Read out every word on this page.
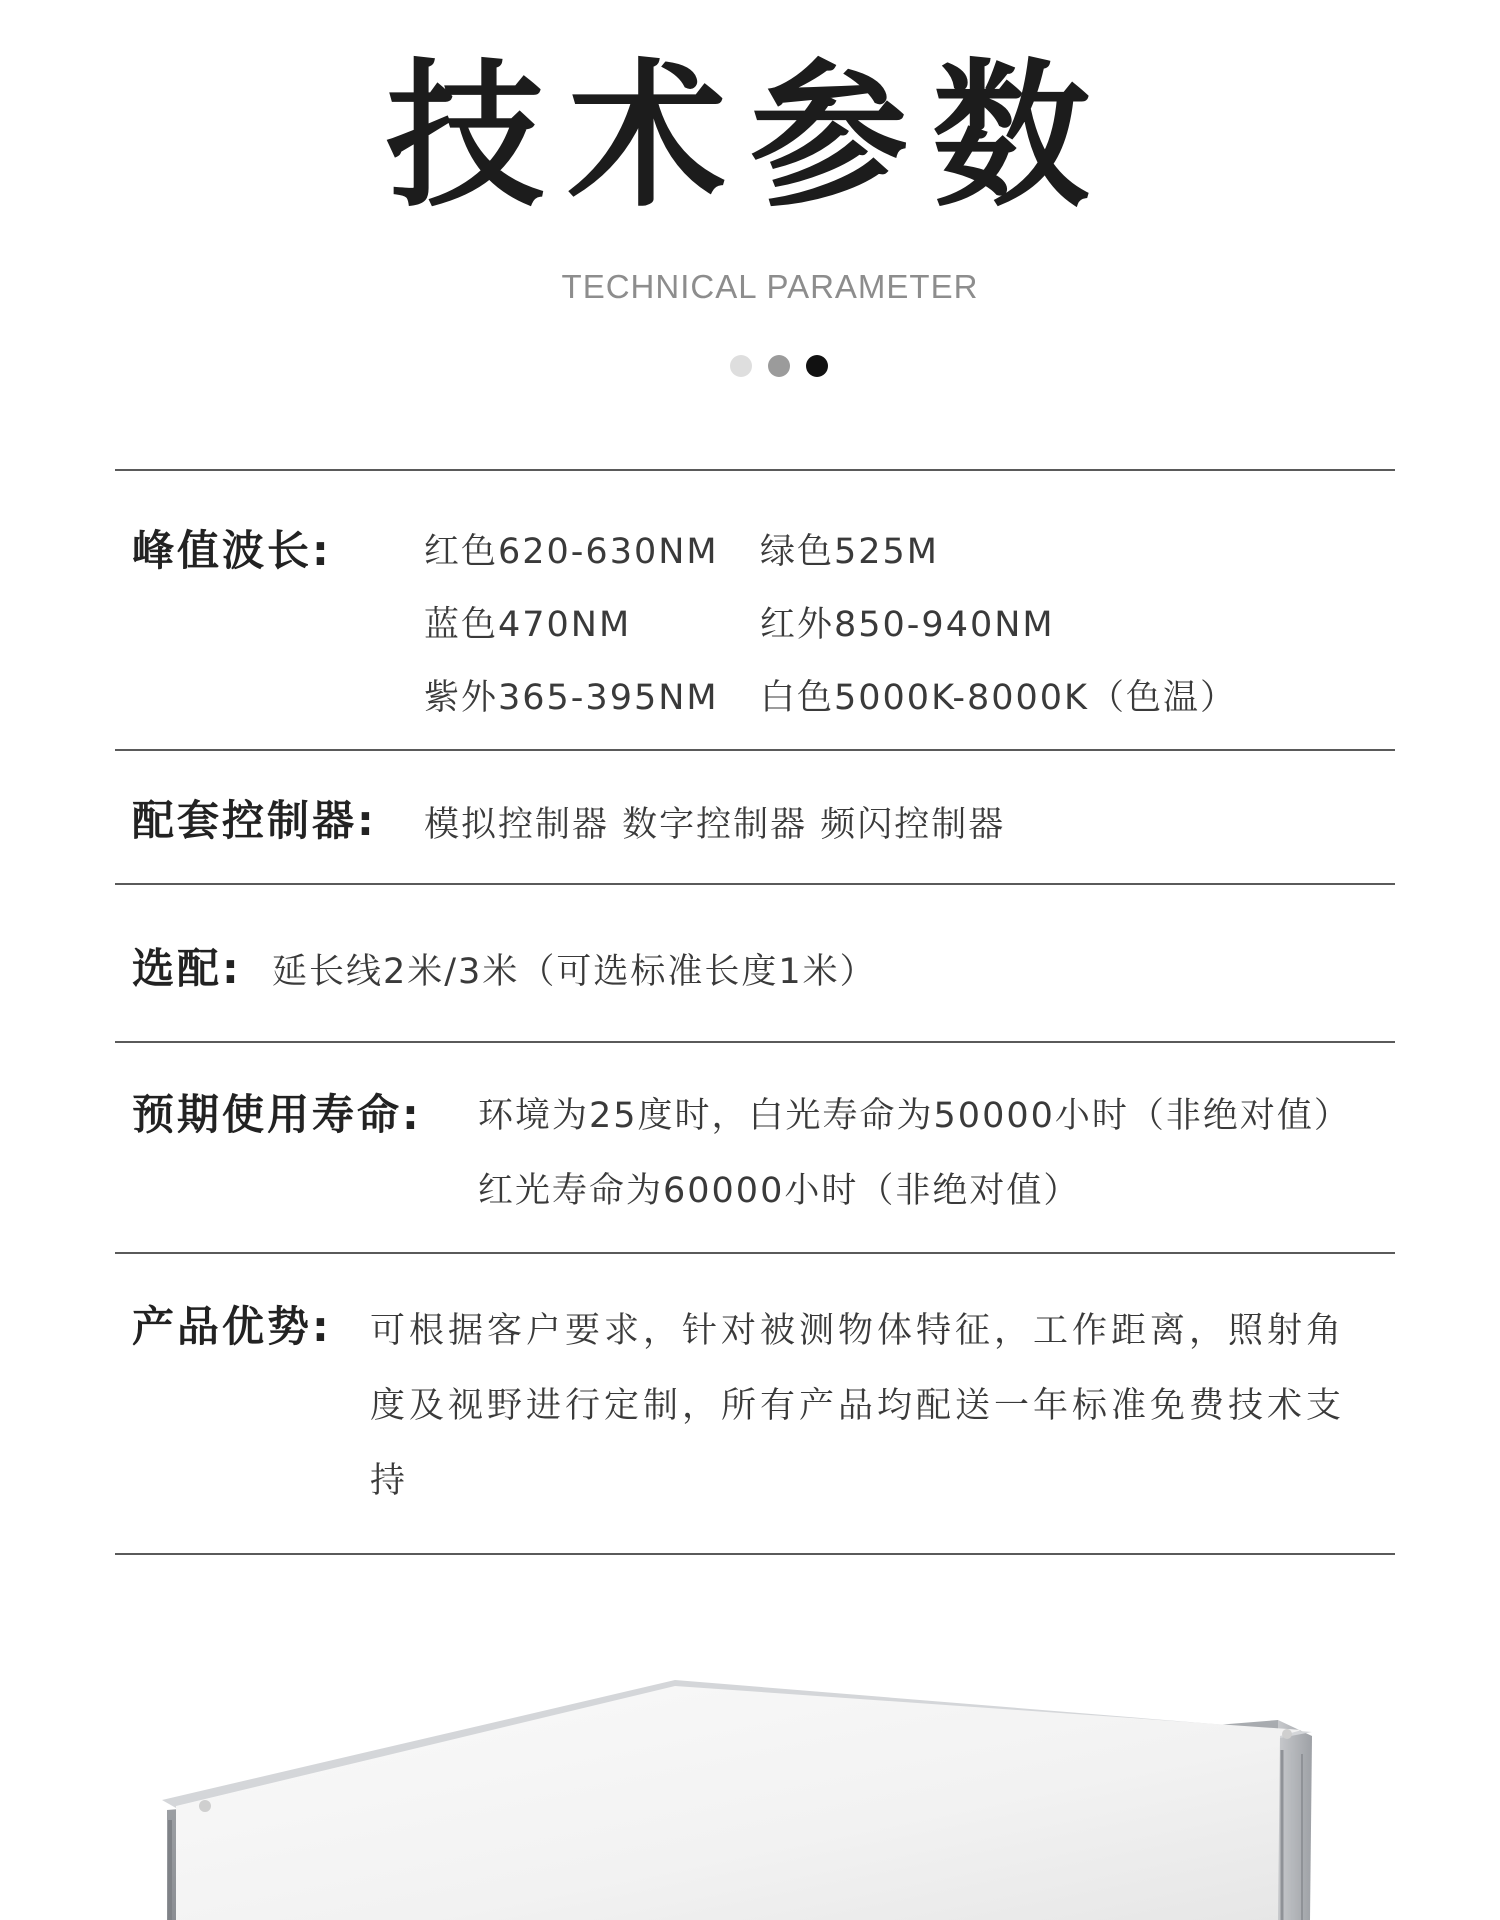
技术参数
TECHNICAL PARAMETER
峰值波长:	红色620-630NM 绿色525M
蓝色470NM	红外850-940NM
紫外365-395NM 白色5000K-8000K（色温）
配套控制器: 模拟控制器 数字控制器 频闪控制器
选配: 延长线2米/3米（可选标准长度1米）
预期使用寿命: 环境为25度时，白光寿命为50000小时（非绝对值）
红光寿命为60000小时（非绝对值）
产品优势: 可根据客户要求，针对被测物体特征，工作距离，照射角
度及视野进行定制，所有产品均配送一年标准免费技术支
持
